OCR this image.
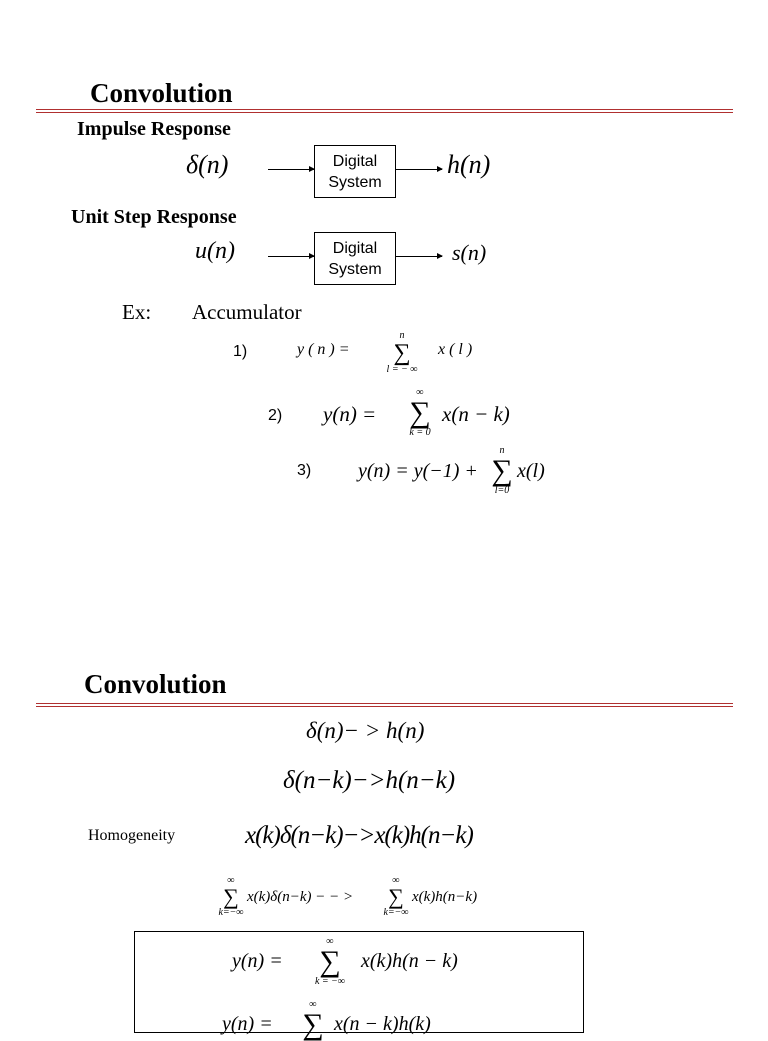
Convolution
Impulse Response
δ(n)	Digital
System
h(n)
Unit Step Response
u(n)	Digital
System
s(n)
Ex: Accumulator
1)	y ( n ) =
n
∑
l = − ∞
x ( l )
2) y(n) =
∞
∑
k = 0
x(n − k)
3) y(n) = y(−1) +
n
∑
l=0
x(l)
Convolution
δ(n)− > h(n)
δ(n−k)−>h(n−k)
Homogeneity	x(k)δ(n−k)−>x(k)h(n−k)
∞
∑
k=−∞
x(k)δ(n−k) − − >
∞
∑
k=−∞
x(k)h(n−k)
y(n) =
∞
∑
k = −∞
x(k)h(n − k)
y(n) =
∞
∑ x(n − k)h(k)
